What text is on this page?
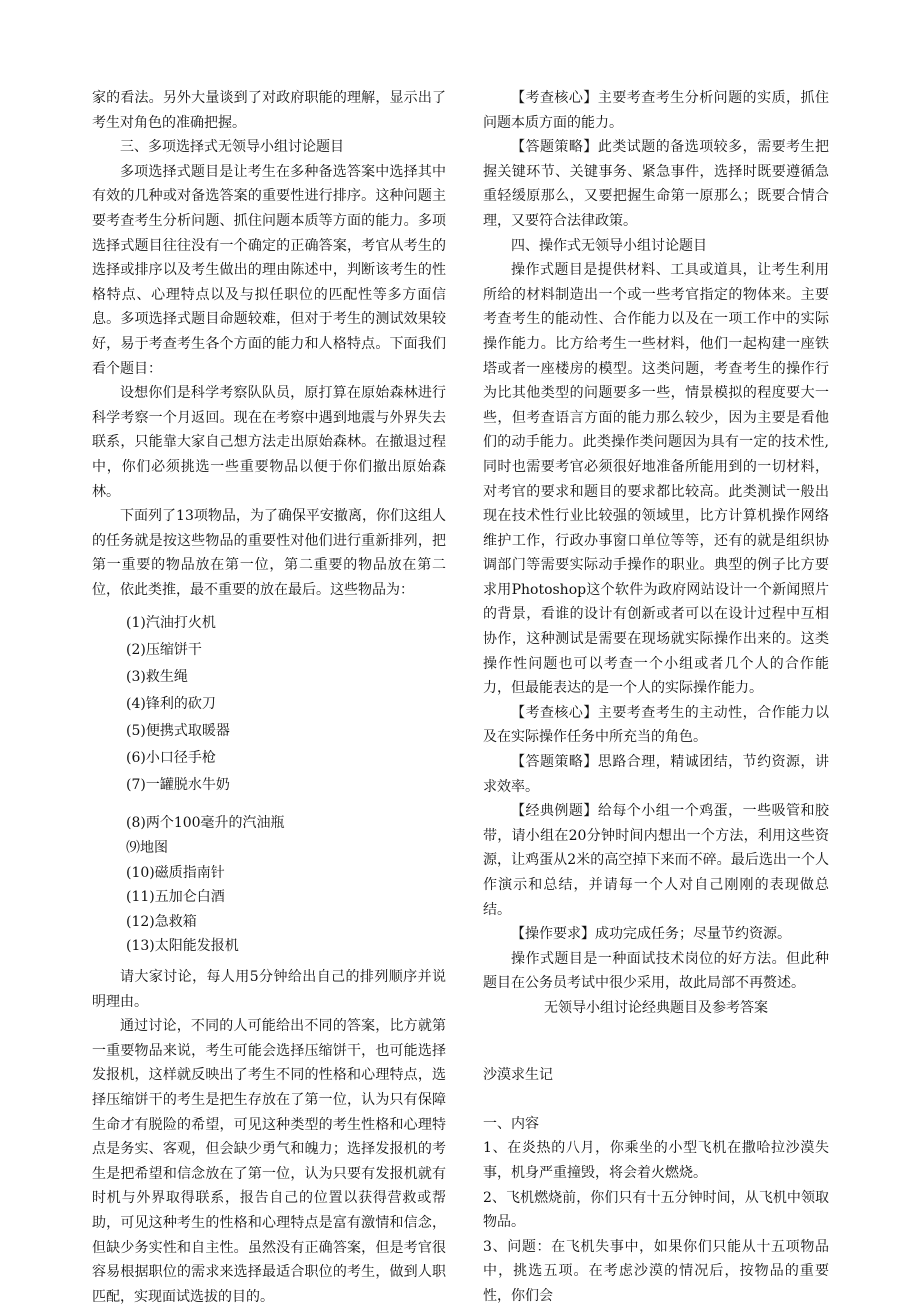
家的看法。另外大量谈到了对政府职能的理解，显示出了考生对角色的准确把握。

三、多项选择式无领导小组讨论题目

多项选择式题目是让考生在多种备选答案中选择其中有效的几种或对备选答案的重要性进行排序。这种问题主要考查考生分析问题、抓住问题本质等方面的能力。多项选择式题目往往没有一个确定的正确答案，考官从考生的选择或排序以及考生做出的理由陈述中，判断该考生的性格特点、心理特点以及与拟任职位的匹配性等多方面信息。多项选择式题目命题较难，但对于考生的测试效果较好，易于考查考生各个方面的能力和人格特点。下面我们看个题目：

设想你们是科学考察队队员，原打算在原始森林进行科学考察一个月返回。现在在考察中遇到地震与外界失去联系，只能靠大家自己想方法走出原始森林。在撤退过程中，你们必须挑选一些重要物品以便于你们撤出原始森林。

下面列了13项物品，为了确保平安撤离，你们这组人的任务就是按这些物品的重要性对他们进行重新排列，把第一重要的物品放在第一位，第二重要的物品放在第二位，依此类推，最不重要的放在最后。这些物品为：

(1)汽油打火机
(2)压缩饼干
(3)救生绳
(4)锋利的砍刀
(5)便携式取暖器
(6)小口径手枪
(7)一罐脱水牛奶
(8)两个100毫升的汽油瓶
⑼地图
(10)磁质指南针
(11)五加仑白酒
(12)急救箱
(13)太阳能发报机

请大家讨论，每人用5分钟给出自己的排列顺序并说明理由。

通过讨论，不同的人可能给出不同的答案，比方就第一重要物品来说，考生可能会选择压缩饼干，也可能选择发报机，这样就反映出了考生不同的性格和心理特点，选择压缩饼干的考生是把生存放在了第一位，认为只有保障生命才有脱险的希望，可见这种类型的考生性格和心理特点是务实、客观，但会缺少勇气和魄力；选择发报机的考生是把希望和信念放在了第一位，认为只要有发报机就有时机与外界取得联系，报告自己的位置以获得营救或帮助，可见这种考生的性格和心理特点是富有激情和信念，但缺少务实性和自主性。虽然没有正确答案，但是考官很容易根据职位的需求来选择最适合职位的考生，做到人职匹配，实现面试选拔的目的。

【考查核心】主要考查考生分析问题的实质，抓住问题本质方面的能力。

【答题策略】此类试题的备选项较多，需要考生把握关键环节、关键事务、紧急事件，选择时既要遵循急重轻缓原那么，又要把握生命第一原那么；既要合情合理，又要符合法律政策。

四、操作式无领导小组讨论题目

操作式题目是提供材料、工具或道具，让考生利用所给的材料制造出一个或一些考官指定的物体来。主要考查考生的能动性、合作能力以及在一项工作中的实际操作能力。比方给考生一些材料，他们一起构建一座铁塔或者一座楼房的模型。这类问题，考查考生的操作行为比其他类型的问题要多一些，情景模拟的程度要大一些，但考查语言方面的能力那么较少，因为主要是看他们的动手能力。此类操作类问题因为具有一定的技术性,同时也需要考官必须很好地准备所能用到的一切材料，对考官的要求和题目的要求都比较高。此类测试一般出现在技术性行业比较强的领域里，比方计算机操作网络维护工作，行政办事窗口单位等等，还有的就是组织协调部门等需要实际动手操作的职业。典型的例子比方要求用Photoshop这个软件为政府网站设计一个新闻照片的背景，看谁的设计有创新或者可以在设计过程中互相协作，这种测试是需要在现场就实际操作出来的。这类操作性问题也可以考查一个小组或者几个人的合作能力，但最能表达的是一个人的实际操作能力。

【考查核心】主要考查考生的主动性，合作能力以及在实际操作任务中所充当的角色。

【答题策略】思路合理，精诚团结，节约资源，讲求效率。

【经典例题】给每个小组一个鸡蛋，一些吸管和胶带，请小组在20分钟时间内想出一个方法，利用这些资源，让鸡蛋从2米的高空掉下来而不碎。最后选出一个人作演示和总结，并请每一个人对自己刚刚的表现做总结。

【操作要求】成功完成任务；尽量节约资源。

操作式题目是一种面试技术岗位的好方法。但此种题目在公务员考试中很少采用，故此局部不再赘述。

无领导小组讨论经典题目及参考答案

沙漠求生记

一、内容

1、在炎热的八月，你乘坐的小型飞机在撒哈拉沙漠失事，机身严重撞毁，将会着火燃烧。

2、飞机燃烧前，你们只有十五分钟时间，从飞机中领取物品。

3、问题：在飞机失事中，如果你们只能从十五项物品中，挑选五项。在考虑沙漠的情况后，按物品的重要性，你们会
